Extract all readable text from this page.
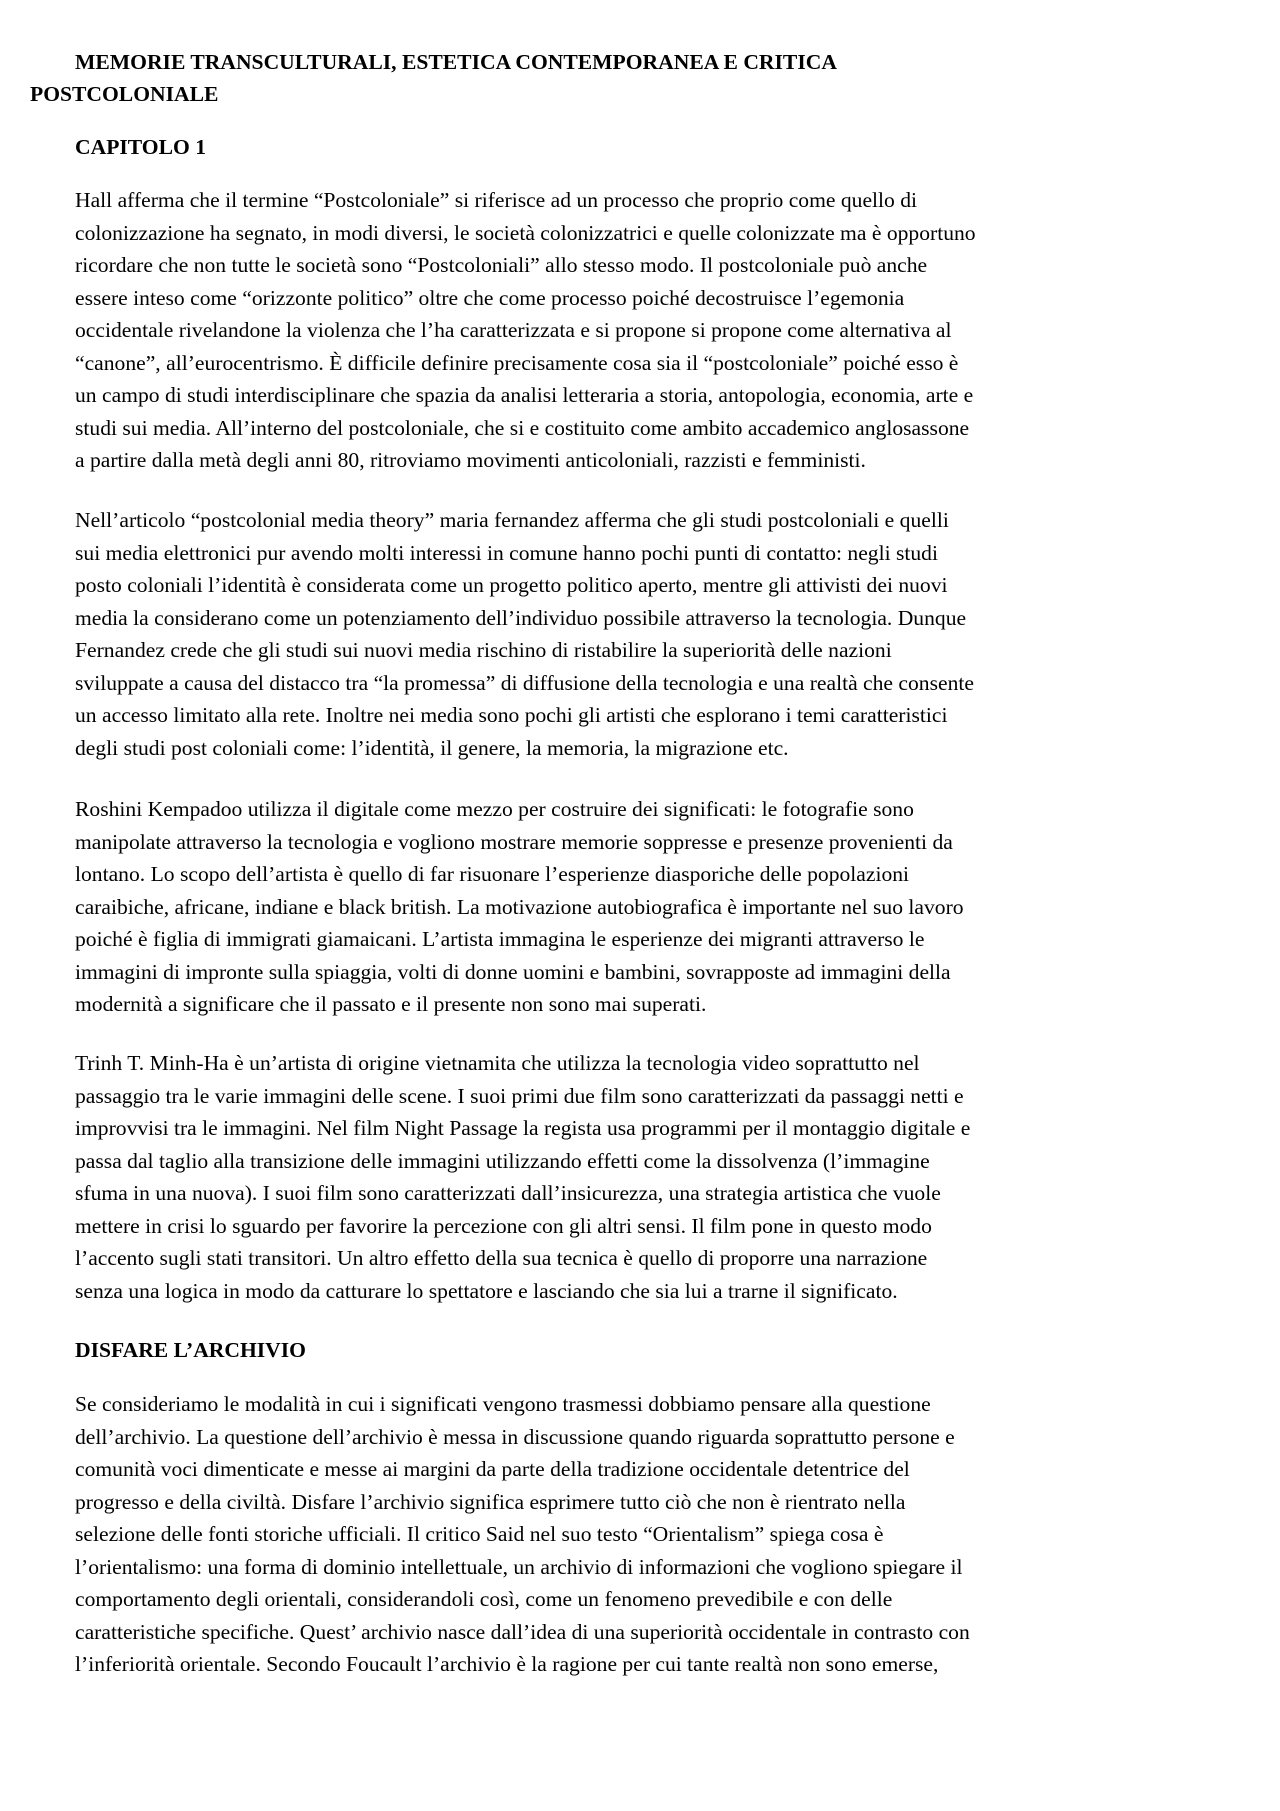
MEMORIE TRANSCULTURALI, ESTETICA CONTEMPORANEA E CRITICA
POSTCOLONIALE
CAPITOLO 1

Hall afferma che il termine “Postcoloniale” si riferisce ad un processo che proprio come quello di
colonizzazione ha segnato, in modi diversi, le società colonizzatrici e quelle colonizzate ma è opportuno
ricordare che non tutte le società sono “Postcoloniali” allo stesso modo. Il postcoloniale può anche
essere inteso come “orizzonte politico” oltre che come processo poiché decostruisce l’egemonia
occidentale rivelandone la violenza che l’ha caratterizzata e si propone si propone come alternativa al
“canone”, all’eurocentrismo. È difficile definire precisamente cosa sia il “postcoloniale” poiché esso è
un campo di studi interdisciplinare che spazia da analisi letteraria a storia, antopologia, economia, arte e
studi sui media. All’interno del postcoloniale, che si e costituito come ambito accademico anglosassone
a partire dalla metà degli anni 80, ritroviamo movimenti anticoloniali, razzisti e femministi.

Nell’articolo “postcolonial media theory” maria fernandez afferma che gli studi postcoloniali e quelli
sui media elettronici pur avendo molti interessi in comune hanno pochi punti di contatto: negli studi
posto coloniali l’identità è considerata come un progetto politico aperto, mentre gli attivisti dei nuovi
media la considerano come un potenziamento dell’individuo possibile attraverso la tecnologia. Dunque
Fernandez crede che gli studi sui nuovi media rischino di ristabilire la superiorità delle nazioni
sviluppate a causa del distacco tra “la promessa” di diffusione della tecnologia e una realtà che consente
un accesso limitato alla rete. Inoltre nei media sono pochi gli artisti che esplorano i temi caratteristici
degli studi post coloniali come: l’identità, il genere, la memoria, la migrazione etc.

Roshini Kempadoo utilizza il digitale come mezzo per costruire dei significati: le fotografie sono
manipolate attraverso la tecnologia e vogliono mostrare memorie soppresse e presenze provenienti da
lontano. Lo scopo dell’artista è quello di far risuonare l’esperienze diasporiche delle popolazioni
caraibiche, africane, indiane e black british. La motivazione autobiografica è importante nel suo lavoro
poiché è figlia di immigrati giamaicani. L’artista immagina le esperienze dei migranti attraverso le
immagini di impronte sulla spiaggia, volti di donne uomini e bambini, sovrapposte ad immagini della
modernità a significare che il passato e il presente non sono mai superati.

Trinh T. Minh-Ha è un’artista di origine vietnamita che utilizza la tecnologia video soprattutto nel
passaggio tra le varie immagini delle scene. I suoi primi due film sono caratterizzati da passaggi netti e
improvvisi tra le immagini. Nel film Night Passage la regista usa programmi per il montaggio digitale e
passa dal taglio alla transizione delle immagini utilizzando effetti come la dissolvenza (l’immagine
sfuma in una nuova). I suoi film sono caratterizzati dall’insicurezza, una strategia artistica che vuole
mettere in crisi lo sguardo per favorire la percezione con gli altri sensi. Il film pone in questo modo
l’accento sugli stati transitori. Un altro effetto della sua tecnica è quello di proporre una narrazione
senza una logica in modo da catturare lo spettatore e lasciando che sia lui a trarne il significato.

DISFARE L’ARCHIVIO

Se consideriamo le modalità in cui i significati vengono trasmessi dobbiamo pensare alla questione
dell’archivio. La questione dell’archivio è messa in discussione quando riguarda soprattutto persone e
comunità voci dimenticate e messe ai margini da parte della tradizione occidentale detentrice del
progresso e della civiltà. Disfare l’archivio significa esprimere tutto ciò che non è rientrato nella
selezione delle fonti storiche ufficiali. Il critico Said nel suo testo “Orientalism” spiega cosa è
l’orientalismo: una forma di dominio intellettuale, un archivio di informazioni che vogliono spiegare il
comportamento degli orientali, considerandoli così, come un fenomeno prevedibile e con delle
caratteristiche specifiche. Quest’ archivio nasce dall’idea di una superiorità occidentale in contrasto con
l’inferiorità orientale. Secondo Foucault l’archivio è la ragione per cui tante realtà non sono emerse,
